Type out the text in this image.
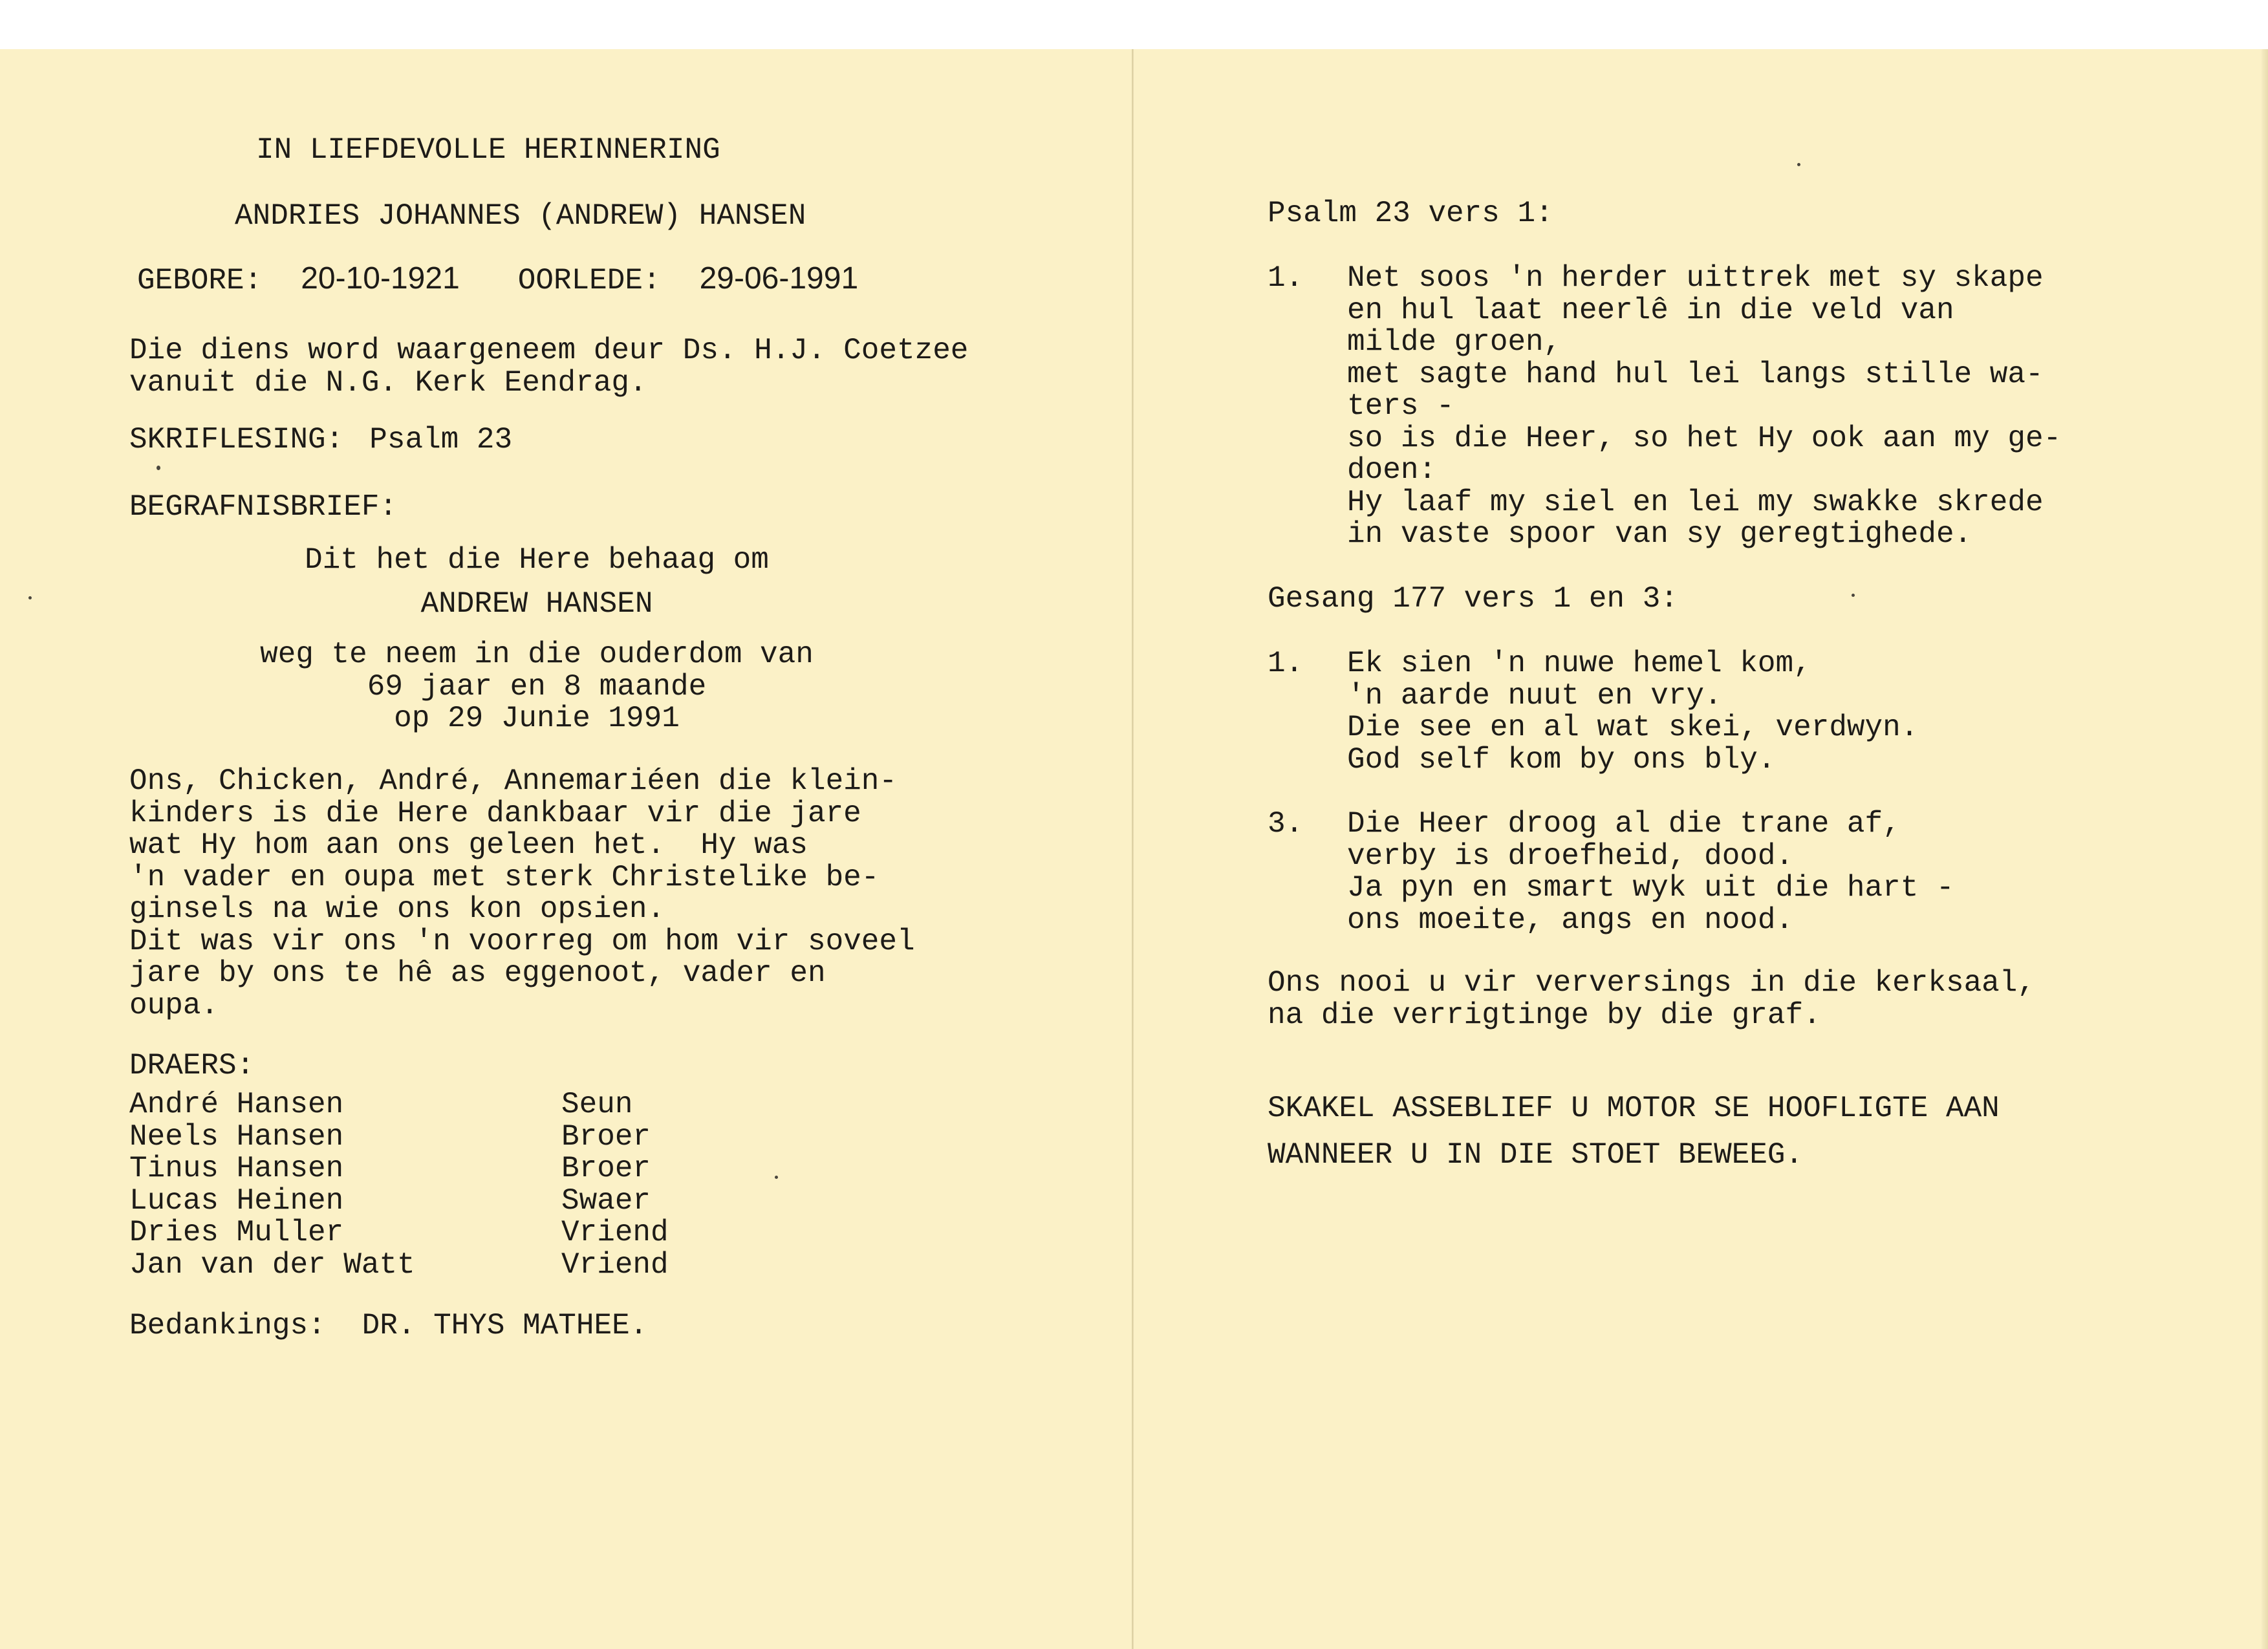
IN LIEFDEVOLLE HERINNERING

ANDRIES JOHANNES (ANDREW) HANSEN

GEBORE: 20-10-1921 OORLEDE: 29-06-1991

Die diens word waargeneem deur Ds. H.J. Coetzee
vanuit die N.G. Kerk Eendrag.

SKRIFLESING: Psalm 23

BEGRAFNISBRIEF:

Dit het die Here behaag om

ANDREW HANSEN

weg te neem in die ouderdom van
69 jaar en 8 maande
op 29 Junie 1991

Ons, Chicken, André, Annemariéen die klein-
kinders is die Here dankbaar vir die jare
wat Hy hom aan ons geleen het.  Hy was
'n vader en oupa met sterk Christelike be-
ginsels na wie ons kon opsien.
Dit was vir ons 'n voorreg om hom vir soveel
jare by ons te hê as eggenoot, vader en
oupa.

DRAERS:

André Hansen	Seun
Neels Hansen	Broer
Tinus Hansen	Broer
Lucas Heinen	Swaer
Dries Muller	Vriend
Jan van der Watt	Vriend
Bedankings: DR. THYS MATHEE.

Psalm 23 vers 1:

1. Net soos 'n herder uittrek met sy skape
en hul laat neerlê in die veld van
milde groen,
met sagte hand hul lei langs stille wa-
ters -
so is die Heer, so het Hy ook aan my ge-
doen:
Hy laaf my siel en lei my swakke skrede
in vaste spoor van sy geregtighede.

Gesang 177 vers 1 en 3:

1. Ek sien 'n nuwe hemel kom,
'n aarde nuut en vry.
Die see en al wat skei, verdwyn.
God self kom by ons bly.

3. Die Heer droog al die trane af,
verby is droefheid, dood.
Ja pyn en smart wyk uit die hart -
ons moeite, angs en nood.

Ons nooi u vir verversings in die kerksaal,
na die verrigtinge by die graf.

SKAKEL ASSEBLIEF U MOTOR SE HOOFLIGTE AAN

WANNEER U IN DIE STOET BEWEEG.
